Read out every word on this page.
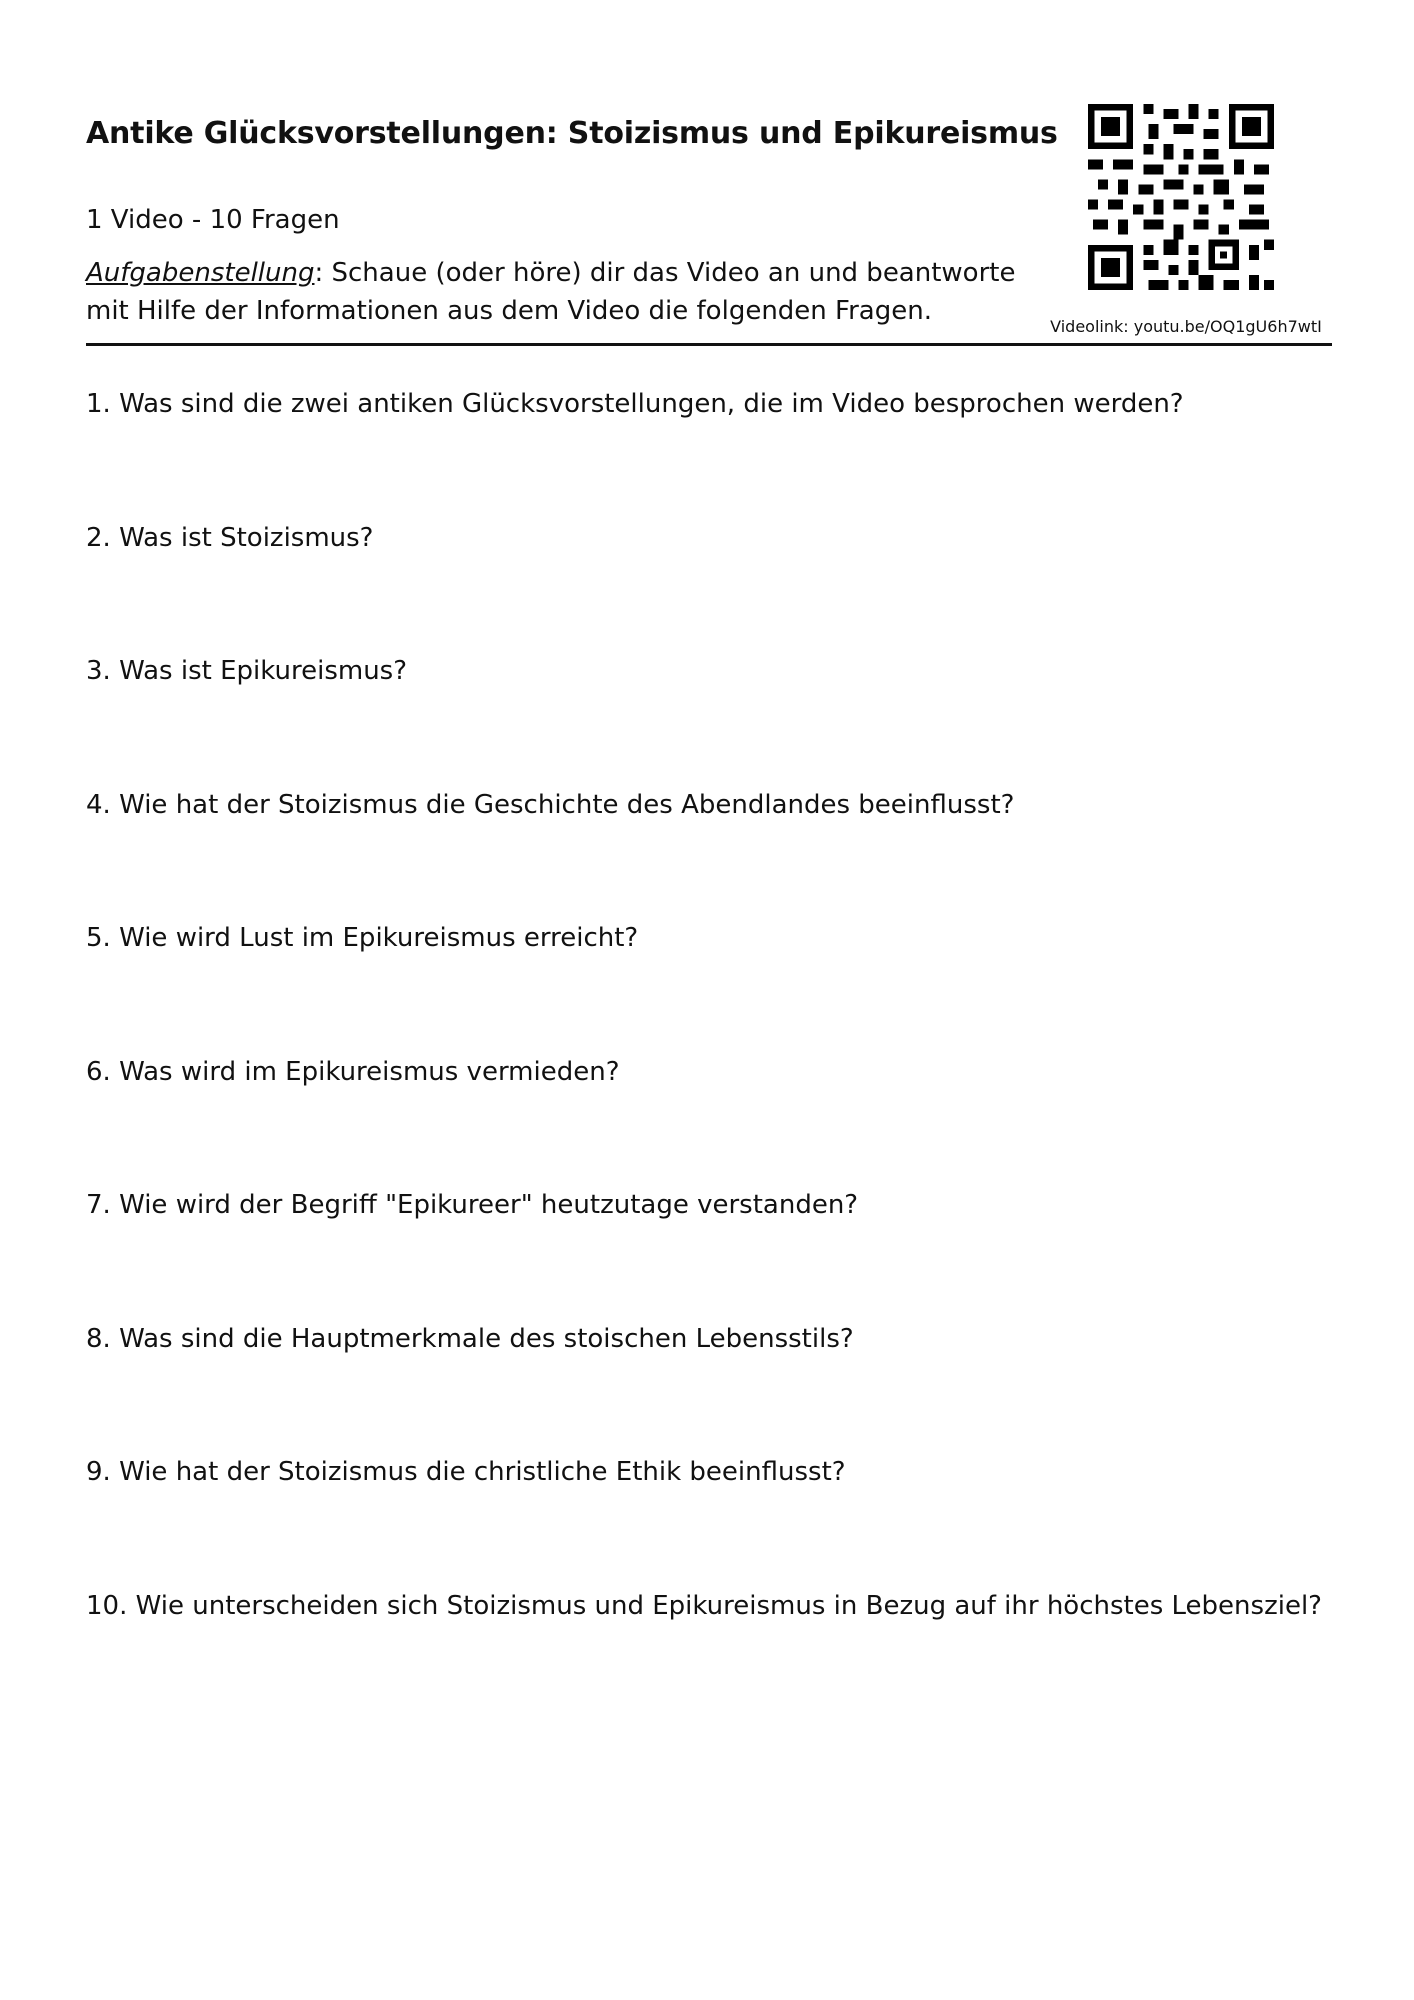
Antike Glücksvorstellungen: Stoizismus und Epikureismus
1 Video - 10 Fragen
Aufgabenstellung: Schaue (oder höre) dir das Video an und beantworte mit Hilfe der Informationen aus dem Video die folgenden Fragen.
Videolink: youtu.be/OQ1gU6h7wtI
1. Was sind die zwei antiken Glücksvorstellungen, die im Video besprochen werden?
2. Was ist Stoizismus?
3. Was ist Epikureismus?
4. Wie hat der Stoizismus die Geschichte des Abendlandes beeinflusst?
5. Wie wird Lust im Epikureismus erreicht?
6. Was wird im Epikureismus vermieden?
7. Wie wird der Begriff "Epikureer" heutzutage verstanden?
8. Was sind die Hauptmerkmale des stoischen Lebensstils?
9. Wie hat der Stoizismus die christliche Ethik beeinflusst?
10. Wie unterscheiden sich Stoizismus und Epikureismus in Bezug auf ihr höchstes Lebensziel?
